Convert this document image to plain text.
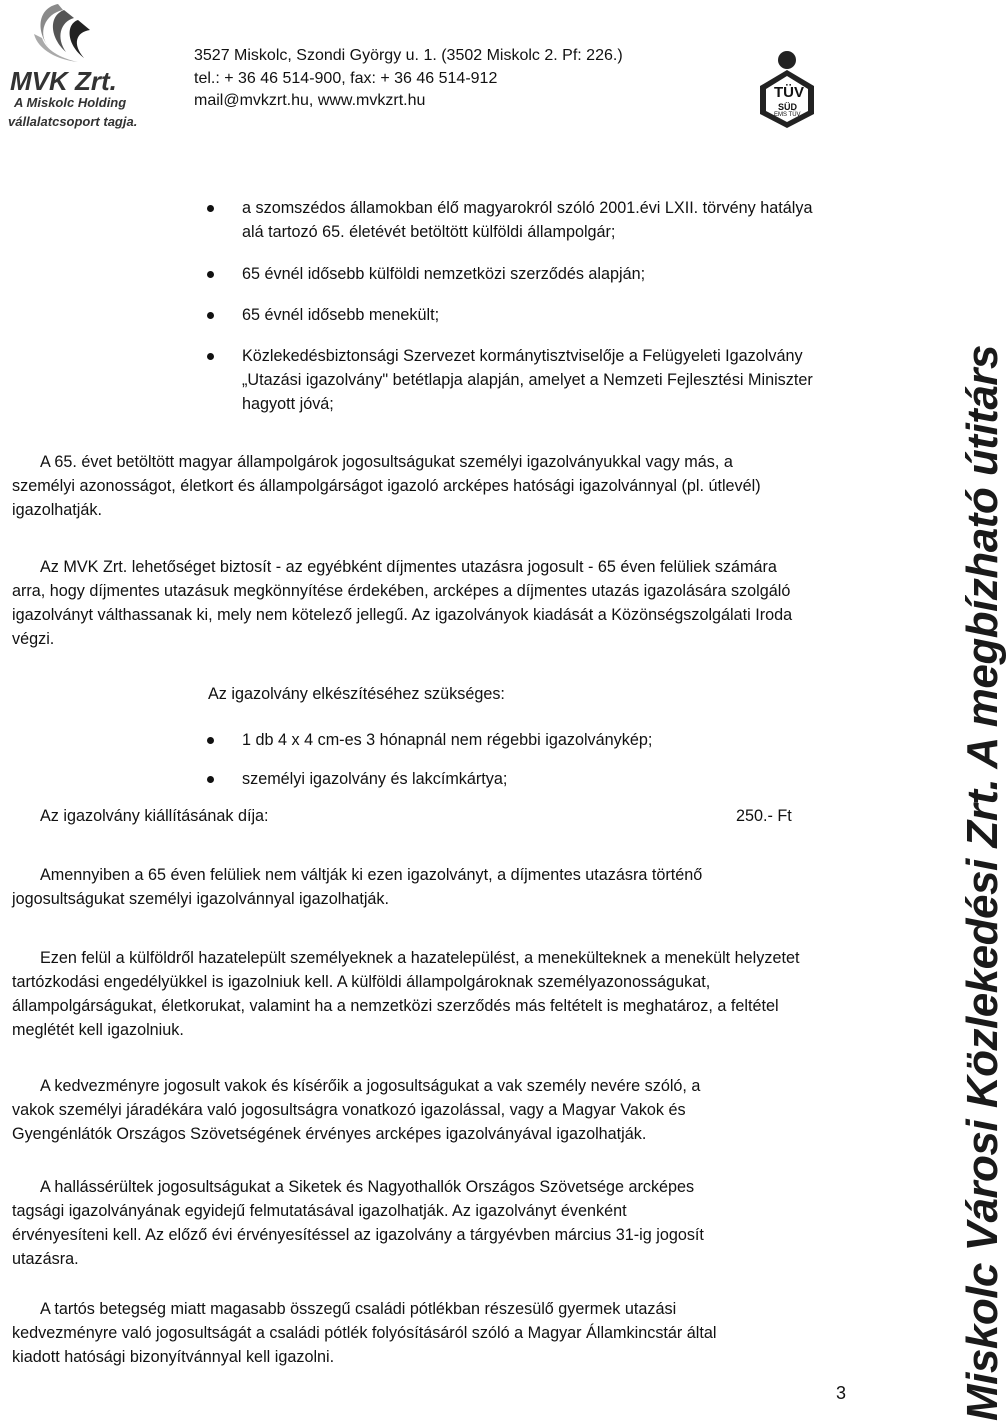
MVK Zrt.
A Miskolc Holding
vállalatcsoport tagja.
3527 Miskolc, Szondi György u. 1. (3502 Miskolc 2. Pf: 226.)
tel.: + 36 46 514-900, fax: + 36 46 514-912
mail@mvkzrt.hu, www.mvkzrt.hu	TÜV
SÜD
EMS TÜV
a szomszédos államokban élő magyarokról szóló 2001.évi LXII. törvény hatálya
alá tartozó 65. életévét betöltött külföldi állampolgár;
65 évnél idősebb külföldi nemzetközi szerződés alapján;
65 évnél idősebb menekült;
Közlekedésbiztonsági Szervezet kormánytisztviselője a Felügyeleti Igazolvány
„Utazási igazolvány" betétlapja alapján, amelyet a Nemzeti Fejlesztési Miniszter
hagyott jóvá;
A 65. évet betöltött magyar állampolgárok jogosultságukat személyi igazolványukkal vagy más, a
személyi azonosságot, életkort és állampolgárságot igazoló arcképes hatósági igazolvánnyal (pl. útlevél)
igazolhatják.
Az MVK Zrt. lehetőséget biztosít - az egyébként díjmentes utazásra jogosult - 65 éven felüliek számára
arra, hogy díjmentes utazásuk megkönnyítése érdekében, arcképes a díjmentes utazás igazolására szolgáló
igazolványt válthassanak ki, mely nem kötelező jellegű. Az igazolványok kiadását a Közönségszolgálati Iroda
végzi.
Az igazolvány elkészítéséhez szükséges:
1 db 4 x 4 cm-es 3 hónapnál nem régebbi igazolványkép;
személyi igazolvány és lakcímkártya;
Az igazolvány kiállításának díja:	250.- Ft
Amennyiben a 65 éven felüliek nem váltják ki ezen igazolványt, a díjmentes utazásra történő
jogosultságukat személyi igazolvánnyal igazolhatják.
Ezen felül a külföldről hazatelepült személyeknek a hazatelepülést, a menekülteknek a menekült helyzetet
tartózkodási engedélyükkel is igazolniuk kell. A külföldi állampolgároknak személyazonosságukat,
állampolgárságukat, életkorukat, valamint ha a nemzetközi szerződés más feltételt is meghatároz, a feltétel
meglétét kell igazolniuk.
A kedvezményre jogosult vakok és kísérőik a jogosultságukat a vak személy nevére szóló, a
vakok személyi járadékára való jogosultságra vonatkozó igazolással, vagy a Magyar Vakok és
Gyengénlátók Országos Szövetségének érvényes arcképes igazolványával igazolhatják.
A hallássérültek jogosultságukat a Siketek és Nagyothallók Országos Szövetsége arcképes
tagsági igazolványának egyidejű felmutatásával igazolhatják. Az igazolványt évenként
érvényesíteni kell. Az előző évi érvényesítéssel az igazolvány a tárgyévben március 31-ig jogosít
utazásra.
A tartós betegség miatt magasabb összegű családi pótlékban részesülő gyermek utazási
kedvezményre való jogosultságát a családi pótlék folyósításáról szóló a Magyar Államkincstár által
kiadott hatósági bizonyítvánnyal kell igazolni.	Miskolc Városi Közlekedési Zrt. A megbízható útitárs
3
